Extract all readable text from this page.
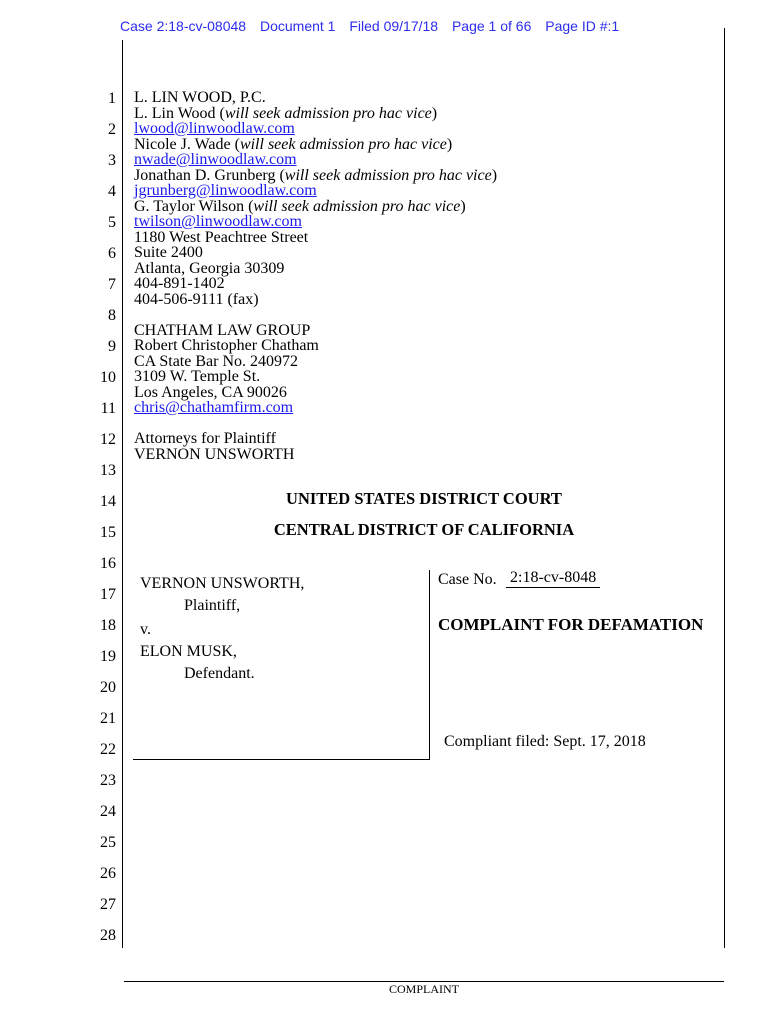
Case 2:18-cv-08048 Document 1 Filed 09/17/18 Page 1 of 66 Page ID #:1
1
2
3
4
5
6
7
8
9
10
11
12
13
14
15
16
17
18
19
20
21
22
23
24
25
26
27
28
L. LIN WOOD, P.C.
L. Lin Wood (will seek admission pro hac vice)
lwood@linwoodlaw.com
Nicole J. Wade (will seek admission pro hac vice)
nwade@linwoodlaw.com
Jonathan D. Grunberg (will seek admission pro hac vice)
jgrunberg@linwoodlaw.com
G. Taylor Wilson (will seek admission pro hac vice)
twilson@linwoodlaw.com
1180 West Peachtree Street
Suite 2400
Atlanta, Georgia 30309
404-891-1402
404-506-9111 (fax)
CHATHAM LAW GROUP
Robert Christopher Chatham
CA State Bar No. 240972
3109 W. Temple St.
Los Angeles, CA 90026
chris@chathamfirm.com
Attorneys for Plaintiff
VERNON UNSWORTH
UNITED STATES DISTRICT COURT
CENTRAL DISTRICT OF CALIFORNIA
VERNON UNSWORTH,
Plaintiff,
v.
ELON MUSK,
Defendant.
Case No. 2:18-cv-8048
COMPLAINT FOR DEFAMATION
Compliant filed: Sept. 17, 2018
COMPLAINT
